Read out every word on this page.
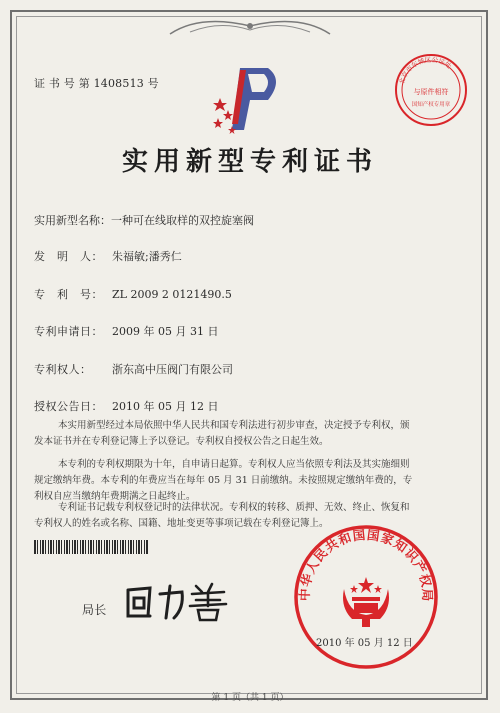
证 书 号 第 1408513 号	北京市东城区公证处
与原件相符
国知产权专用章
实用新型专利证书
实用新型名称：一种可在线取样的双控旋塞阀
发　明　人： 朱福敏;潘秀仁
专　利　号： ZL 2009 2 0121490.5
专利申请日： 2009 年 05 月 31 日
专利权人： 浙东高中压阀门有限公司
授权公告日： 2010 年 05 月 12 日
本实用新型经过本局依照中华人民共和国专利法进行初步审查，决定授予专利权，颁
发本证书并在专利登记簿上予以登记。专利权自授权公告之日起生效。
本专利的专利权期限为十年，自申请日起算。专利权人应当依照专利法及其实施细则
规定缴纳年费。本专利的年费应当在每年 05 月 31 日前缴纳。未按照规定缴纳年费的，专
利权自应当缴纳年费期满之日起终止。
专利证书记载专利权登记时的法律状况。专利权的转移、质押、无效、终止、恢复和
专利权人的姓名或名称、国籍、地址变更等事项记载在专利登记簿上。
局长
中华人民共和国国家知识产权局
2010 年 05 月 12 日
第 1 页（共 1 页）
